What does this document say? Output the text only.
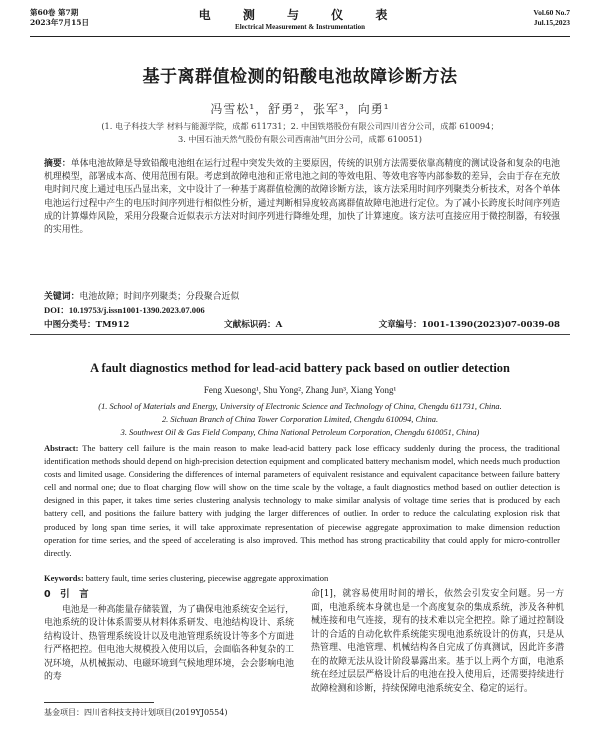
第60卷 第7期
2023年7月15日
电 测 与 仪 表
Electrical Measurement & Instrumentation
Vol.60 No.7
Jul.15,2023
基于离群值检测的铅酸电池故障诊断方法
冯雪松¹，舒勇²，张军³，向勇¹
(1. 电子科技大学 材料与能源学院，成都 611731；2. 中国铁塔股份有限公司四川省分公司，成都 610094；
3. 中国石油天然气股份有限公司西南油气田分公司，成都 610051)
摘要：单体电池故障是导致铅酸电池组在运行过程中突发失效的主要原因，传统的识别方法需要依靠高精度的测试设备和复杂的电池机理模型，部署成本高、使用范围有限。考虑到故障电池和正常电池之间的等效电阻、等效电容等内部参数的差异，会由于存在充放电时间尺度上通过电压凸显出来，文中设计了一种基于离群值检测的故障诊断方法，该方法采用时间序列聚类分析技术，对各个单体电池运行过程中产生的电压时间序列进行相似性分析，通过判断相异度较高离群值故障电池进行定位。为了减小长跨度长时间序列造成的计算爆炸风险，采用分段聚合近似表示方法对时间序列进行降维处理，加快了计算速度。该方法可直接应用于微控制器，有较强的实用性。
关键词：电池故障；时间序列聚类；分段聚合近似
DOI：10.19753/j.issn1001-1390.2023.07.006
中图分类号：TM912	文献标识码：A	文章编号：1001-1390(2023)07-0039-08
A fault diagnostics method for lead-acid battery pack based on outlier detection
Feng Xuesong¹, Shu Yong², Zhang Jun³, Xiang Yong¹
(1. School of Materials and Energy, University of Electronic Science and Technology of China, Chengdu 611731, China.
2. Sichuan Branch of China Tower Corporation Limited, Chengdu 610094, China.
3. Southwest Oil & Gas Field Company, China National Petroleum Corporation, Chengdu 610051, China)
Abstract: The battery cell failure is the main reason to make lead-acid battery pack lose efficacy suddenly during the process, the traditional identification methods should depend on high-precision detection equipment and complicated battery mechanism model, which needs much production costs and limited usage. Considering the differences of internal parameters of equivalent resistance and equivalent capacitance between failure battery cell and normal one; due to float charging flow will show on the time scale by the voltage, a fault diagnostics method based on outlier detection is designed in this paper, it takes time series clustering analysis technology to make similar analysis of voltage time series that is produced by each battery cell, and positions the failure battery with judging the larger differences of outlier. In order to reduce the calculating explosion risk that produced by long span time series, it will take approximate representation of piecewise aggregate approximation to make dimension reduction operation for time series, and the speed of accelerating is also improved. This method has strong practicability that could apply for micro-controller directly.
Keywords: battery fault, time series clustering, piecewise aggregate approximation
0　引　言
电池是一种高能量存储装置，为了确保电池系统安全运行，电池系统的设计体系需要从材料体系研发、电池结构设计、系统结构设计、热管理系统设计以及电池管理系统设计等多个方面进行严格把控。但电池大规模投入使用以后，会面临各种复杂的工况环境，从机械振动、电磁环境到气候地理环境，会会影响电池的寿
命[1]，就容易使用时间的增长，依然会引发安全问题。另一方面，电池系统本身就也是一个高度复杂的集成系统，涉及各种机械连接和电气连接，现有的技术难以完全把控。除了通过控制设计的合适的自动化软件系统能实现电池系统设计的仿真，只是从热管理、电池管理、机械结构各自完成了仿真测试，因此许多潜在的故障无法从设计阶段暴露出来。基于以上两个方面，电池系统在经过层层严格设计后的电池在投入使用后，还需要持续进行故障检测和诊断，持续保障电池系统安全、稳定的运行。
基金项目：四川省科技支持计划项目(2019YJ0554)
